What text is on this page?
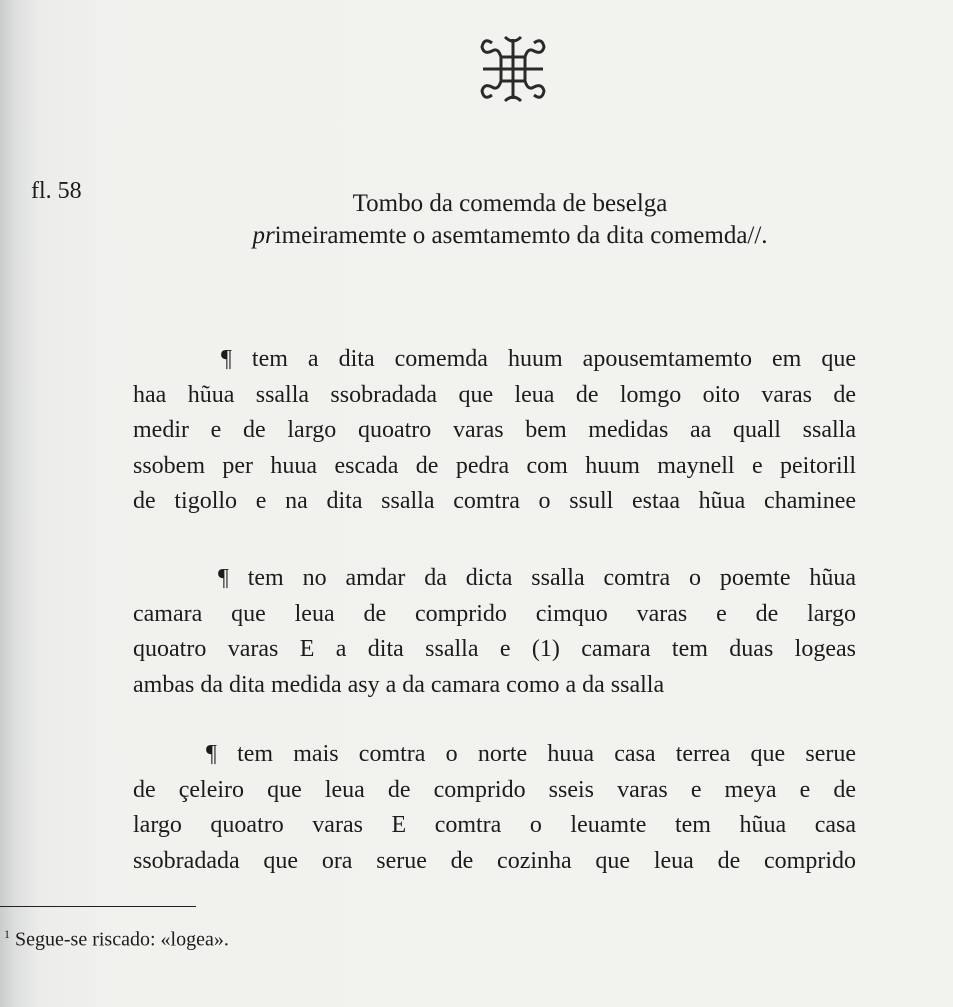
fl. 58	Tombo da comemda de beselga
primeiramemte o asemtamemto da dita comemda//.
¶ tem a dita comemda huum apousemtamemto em que
haa hũua ssalla ssobradada que leua de lomgo oito varas de
medir e de largo quoatro varas bem medidas aa quall ssalla
ssobem per huua escada de pedra com huum maynell e peitorill
de tigollo e na dita ssalla comtra o ssull estaa hũua chaminee
¶ tem no amdar da dicta ssalla comtra o poemte hũua
camara que leua de comprido cimquo varas e de largo
quoatro varas E a dita ssalla e (1) camara tem duas logeas
ambas da dita medida asy a da camara como a da ssalla
¶ tem mais comtra o norte huua casa terrea que serue
de çeleiro que leua de comprido sseis varas e meya e de
largo quoatro varas E comtra o leuamte tem hũua casa
ssobradada que ora serue de cozinha que leua de comprido
$^1$ Segue-se riscado: «logea».
